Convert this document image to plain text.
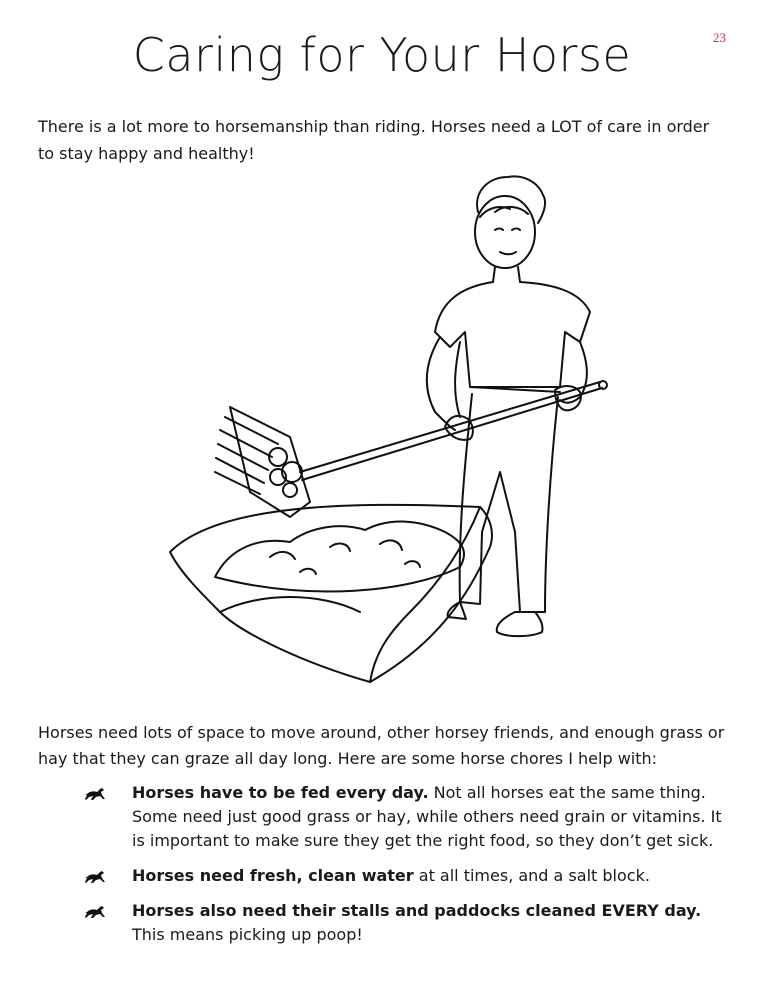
23
Caring for Your Horse

There is a lot more to horsemanship than riding. Horses need a LOT of care in order to stay happy and healthy!

Horses need lots of space to move around, other horsey friends, and enough grass or hay that they can graze all day long. Here are some horse chores I help with:

Horses have to be fed every day. Not all horses eat the same thing. Some need just good grass or hay, while others need grain or vitamins. It is important to make sure they get the right food, so they don’t get sick.
Horses need fresh, clean water at all times, and a salt block.
Horses also need their stalls and paddocks cleaned EVERY day. This means picking up poop!
